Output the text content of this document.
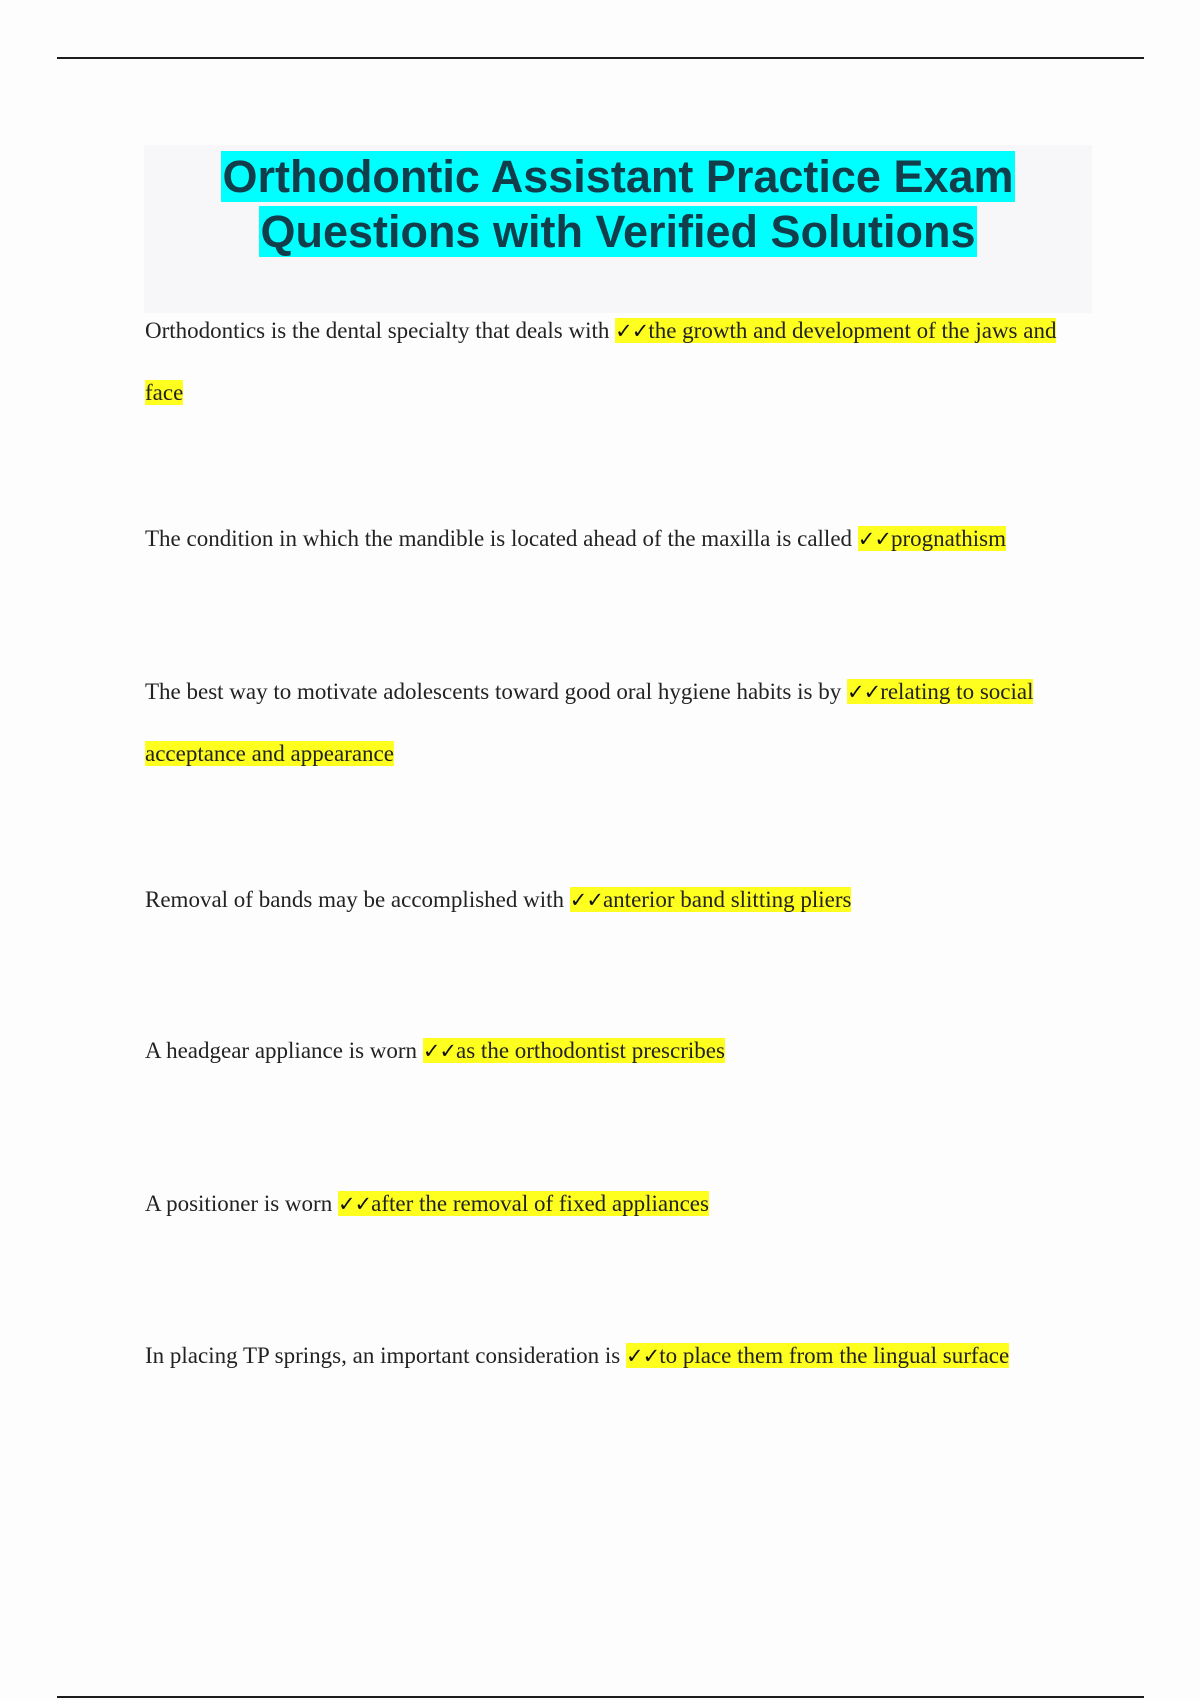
Orthodontic Assistant Practice Exam
Questions with Verified Solutions

Orthodontics is the dental specialty that deals with ✓✓the growth and development of the jaws and face

The condition in which the mandible is located ahead of the maxilla is called ✓✓prognathism

The best way to motivate adolescents toward good oral hygiene habits is by ✓✓relating to social acceptance and appearance

Removal of bands may be accomplished with ✓✓anterior band slitting pliers

A headgear appliance is worn ✓✓as the orthodontist prescribes

A positioner is worn ✓✓after the removal of fixed appliances

In placing TP springs, an important consideration is ✓✓to place them from the lingual surface
